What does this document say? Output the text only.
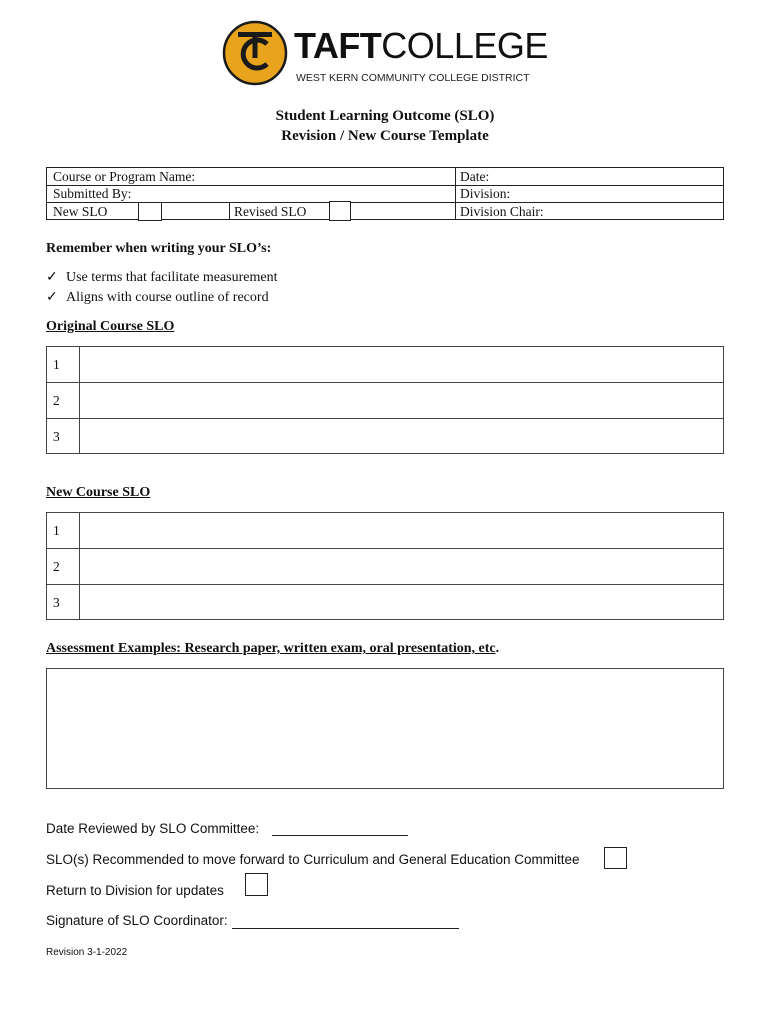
TAFTCOLLEGE
WEST KERN COMMUNITY COLLEGE DISTRICT
Student Learning Outcome (SLO)
Revision / New Course Template
Course or Program Name:
Submitted By:
New SLO	Revised SLO
Date:
Division:
Division Chair:
Remember when writing your SLO’s:
✓ Use terms that facilitate measurement
✓ Aligns with course outline of record
Original Course SLO
1
2
3
New Course SLO
1
2
3
Assessment Examples: Research paper, written exam, oral presentation, etc.
Date Reviewed by SLO Committee:
SLO(s) Recommended to move forward to Curriculum and General Education Committee
Return to Division for updates
Signature of SLO Coordinator:
Revision 3-1-2022
